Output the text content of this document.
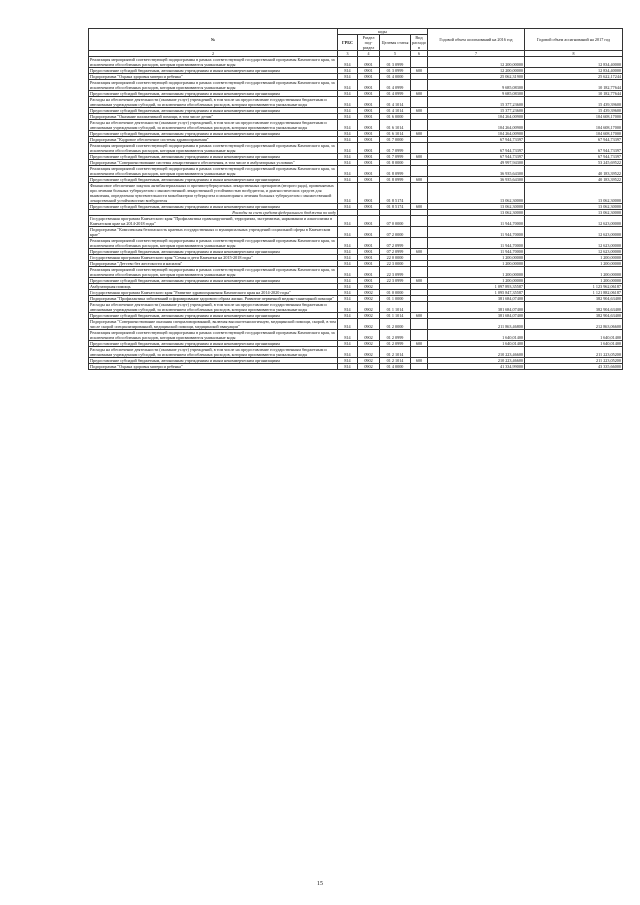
№	коды				Годовой объем ассигнований на 2016 год	Годовой объем ассигнований на 2017 год
	ГРБС	Раздел под-раздел	Целевая статья	Вид расходов		
2	3	4	5	6	7	8
Реализация мероприятий соответствующей подпрограммы в рамках соответствующей государственной программы Камчатского края, за исключением обособленных расходов, которым присваиваются уникальные коды	814	0901	01 3 0999		12 200,00000	12 834,40000
Предоставление субсидий бюджетным, автономным учреждениям и иным некоммерческим организациям	814	0901	01 3 0999	600	12 200,00000	12 834,40000
Подпрограмма "Охрана здоровья матери и ребенка"	814	0901	01 4 0000		25 062,31900	25 622,17244
Реализация мероприятий соответствующей подпрограммы в рамках соответствующей государственной программы Камчатского края, за исключением обособленных расходов, которым присваиваются уникальные коды	814	0901	01 4 0999		9 685,08300	10 182,77644
Предоставление субсидий бюджетным, автономным учреждениям и иным некоммерческим организациям	814	0901	01 4 0999	600	9 685,08300	10 182,77644
Расходы на обеспечение деятельности (оказание услуг) учреждений, в том числе на предоставление государственным бюджетным и автономным учреждениям субсидий, за исключением обособленных расходов, которым присваиваются уникальные коды	814	0901	01 4 1014		15 377,23600	15 439,39600
Предоставление субсидий бюджетным, автономным учреждениям и иным некоммерческим организациям	814	0901	01 4 1014	600	15 377,23600	15 439,39600
Подпрограмма "Оказание паллиативной помощи, в том числе детям"	814	0901	01 6 0000		104 264,00900	104 608,17000
Расходы на обеспечение деятельности (оказание услуг) учреждений, в том числе на предоставление государственным бюджетным и автономным учреждениям субсидий, за исключением обособленных расходов, которым присваиваются уникальные коды	814	0901	01 6 1014		104 264,00900	104 608,17000
Предоставление субсидий бюджетным, автономным учреждениям и иным некоммерческим организациям	814	0901	01 6 1014	600	104 264,00900	104 608,17000
Подпрограмма "Кадровое обеспечение системы здравоохранения"	814	0901	01 7 0000		67 944,73397	67 944,73397
Реализация мероприятий соответствующей подпрограммы в рамках соответствующей государственной программы Камчатского края, за исключением обособленных расходов, которым присваиваются уникальные коды	814	0901	01 7 0999		67 944,73397	67 944,73397
Предоставление субсидий бюджетным, автономным учреждениям и иным некоммерческим организациям	814	0901	01 7 0999	600	67 944,73397	67 944,73397
Подпрограмма "Совершенствование системы лекарственного обеспечения, в том числе в амбулаторных условиях"	814	0901	01 8 0000		49 997,94300	53 245,69522
Реализация мероприятий соответствующей подпрограммы в рамках соответствующей государственной программы Камчатского края, за исключением обособленных расходов, которым присваиваются уникальные коды	814	0901	01 8 0999		36 935,64300	40 183,39522
Предоставление субсидий бюджетным, автономным учреждениям и иным некоммерческим организациям	814	0901	01 8 0999	600	36 935,64300	40 183,39522
Финансовое обеспечение закупок антибактериальных и противотуберкулезных лекарственных препаратов (второго ряда), применяемых при лечении больных туберкулезом с множественной лекарственной устойчивостью возбудителя, и диагностических средств для выявления, определения чувствительности микобактерии туберкулеза и мониторинга лечения больных туберкулезом с множественной лекарственной устойчивостью возбудителя	814	0901	01 8 5174		13 062,30000	13 062,30000
Предоставление субсидий бюджетным, автономным учреждениям и иным некоммерческим организациям	814	0901	01 8 5174	600	13 062,30000	13 062,30000
Расходы за счет средств федерального бюджета по коду					13 062,30000	13 062,30000
Государственная программа Камчатского края "Профилактика правонарушений, терроризма, экстремизма, наркомании и алкоголизма в Камчатском крае на 2014-2018 годы"	814	0901	07 0 0000		11 944,70000	12 623,00000
Подпрограмма "Комплексная безопасность краевых государственных и муниципальных учреждений социальной сферы в Камчатском крае"	814	0901	07 2 0000		11 944,70000	12 623,00000
Реализация мероприятий соответствующей подпрограммы в рамках соответствующей государственной программы Камчатского края, за исключением обособленных расходов, которым присваиваются уникальные коды	814	0901	07 2 0999		11 944,70000	12 623,00000
Предоставление субсидий бюджетным, автономным учреждениям и иным некоммерческим организациям	814	0901	07 2 0999	600	11 944,70000	12 623,00000
Государственная программа Камчатского края "Семья и дети Камчатки на 2015-2018 годы"	814	0901	22 0 0000		1 200,00000	1 200,00000
Подпрограмма "Детство без жестокости и насилия"	814	0901	22 3 0000		1 200,00000	1 200,00000
Реализация мероприятий соответствующей подпрограммы в рамках соответствующей государственной программы Камчатского края, за исключением обособленных расходов, которым присваиваются уникальные коды	814	0901	22 3 0999		1 200,00000	1 200,00000
Предоставление субсидий бюджетным, автономным учреждениям и иным некоммерческим организациям	814	0901	22 3 0999	600	1 200,00000	1 200,00000
Амбулаторная помощь	814	0902			1 097 893,35587	1 123 962,06187
Государственная программа Камчатского края "Развитие здравоохранения Камчатского края на 2014-2020 годы"	814	0902	01 0 0000		1 095 847,35587	1 121 882,06187
Подпрограмма "Профилактика заболеваний и формирование здорового образа жизни. Развитие первичной медико-санитарной помощи"	814	0902	01 1 0000		381 684,07400	382 904,63400
Расходы на обеспечение деятельности (оказание услуг) учреждений, в том числе на предоставление государственным бюджетным и автономным учреждениям субсидий, за исключением обособленных расходов, которым присваиваются уникальные коды	814	0902	01 1 1014		381 684,07400	382 904,63400
Предоставление субсидий бюджетным, автономным учреждениям и иным некоммерческим организациям	814	0902	01 1 1014	600	381 684,07400	382 904,63400
Подпрограмма "Совершенствование оказания специализированной, включая высокотехнологичную, медицинской помощи, скорой, в том числе скорой специализированной, медицинской помощи, медицинской эвакуации"	814	0902	01 2 0000		211 863,46800	212 863,06600
Реализация мероприятий соответствующей подпрограммы в рамках соответствующей государственной программы Камчатского края, за исключением обособленных расходов, которым присваиваются уникальные коды	814	0902	01 2 0999		1 640,01400	1 640,01400
Предоставление субсидий бюджетным, автономным учреждениям и иным некоммерческим организациям	814	0902	01 2 0999	600	1 640,01400	1 640,01400
Расходы на обеспечение деятельности (оказание услуг) учреждений, в том числе на предоставление государственным бюджетным и автономным учреждениям субсидий, за исключением обособленных расходов, которым присваиваются уникальные коды	814	0902	01 2 1014		210 223,46600	211 223,05200
Предоставление субсидий бюджетным, автономным учреждениям и иным некоммерческим организациям	814	0902	01 2 1014	600	210 223,46600	211 223,05200
Подпрограмма "Охрана здоровья матери и ребенка"	814	0902	01 4 0000		41 334,99000	43 335,66000
15
